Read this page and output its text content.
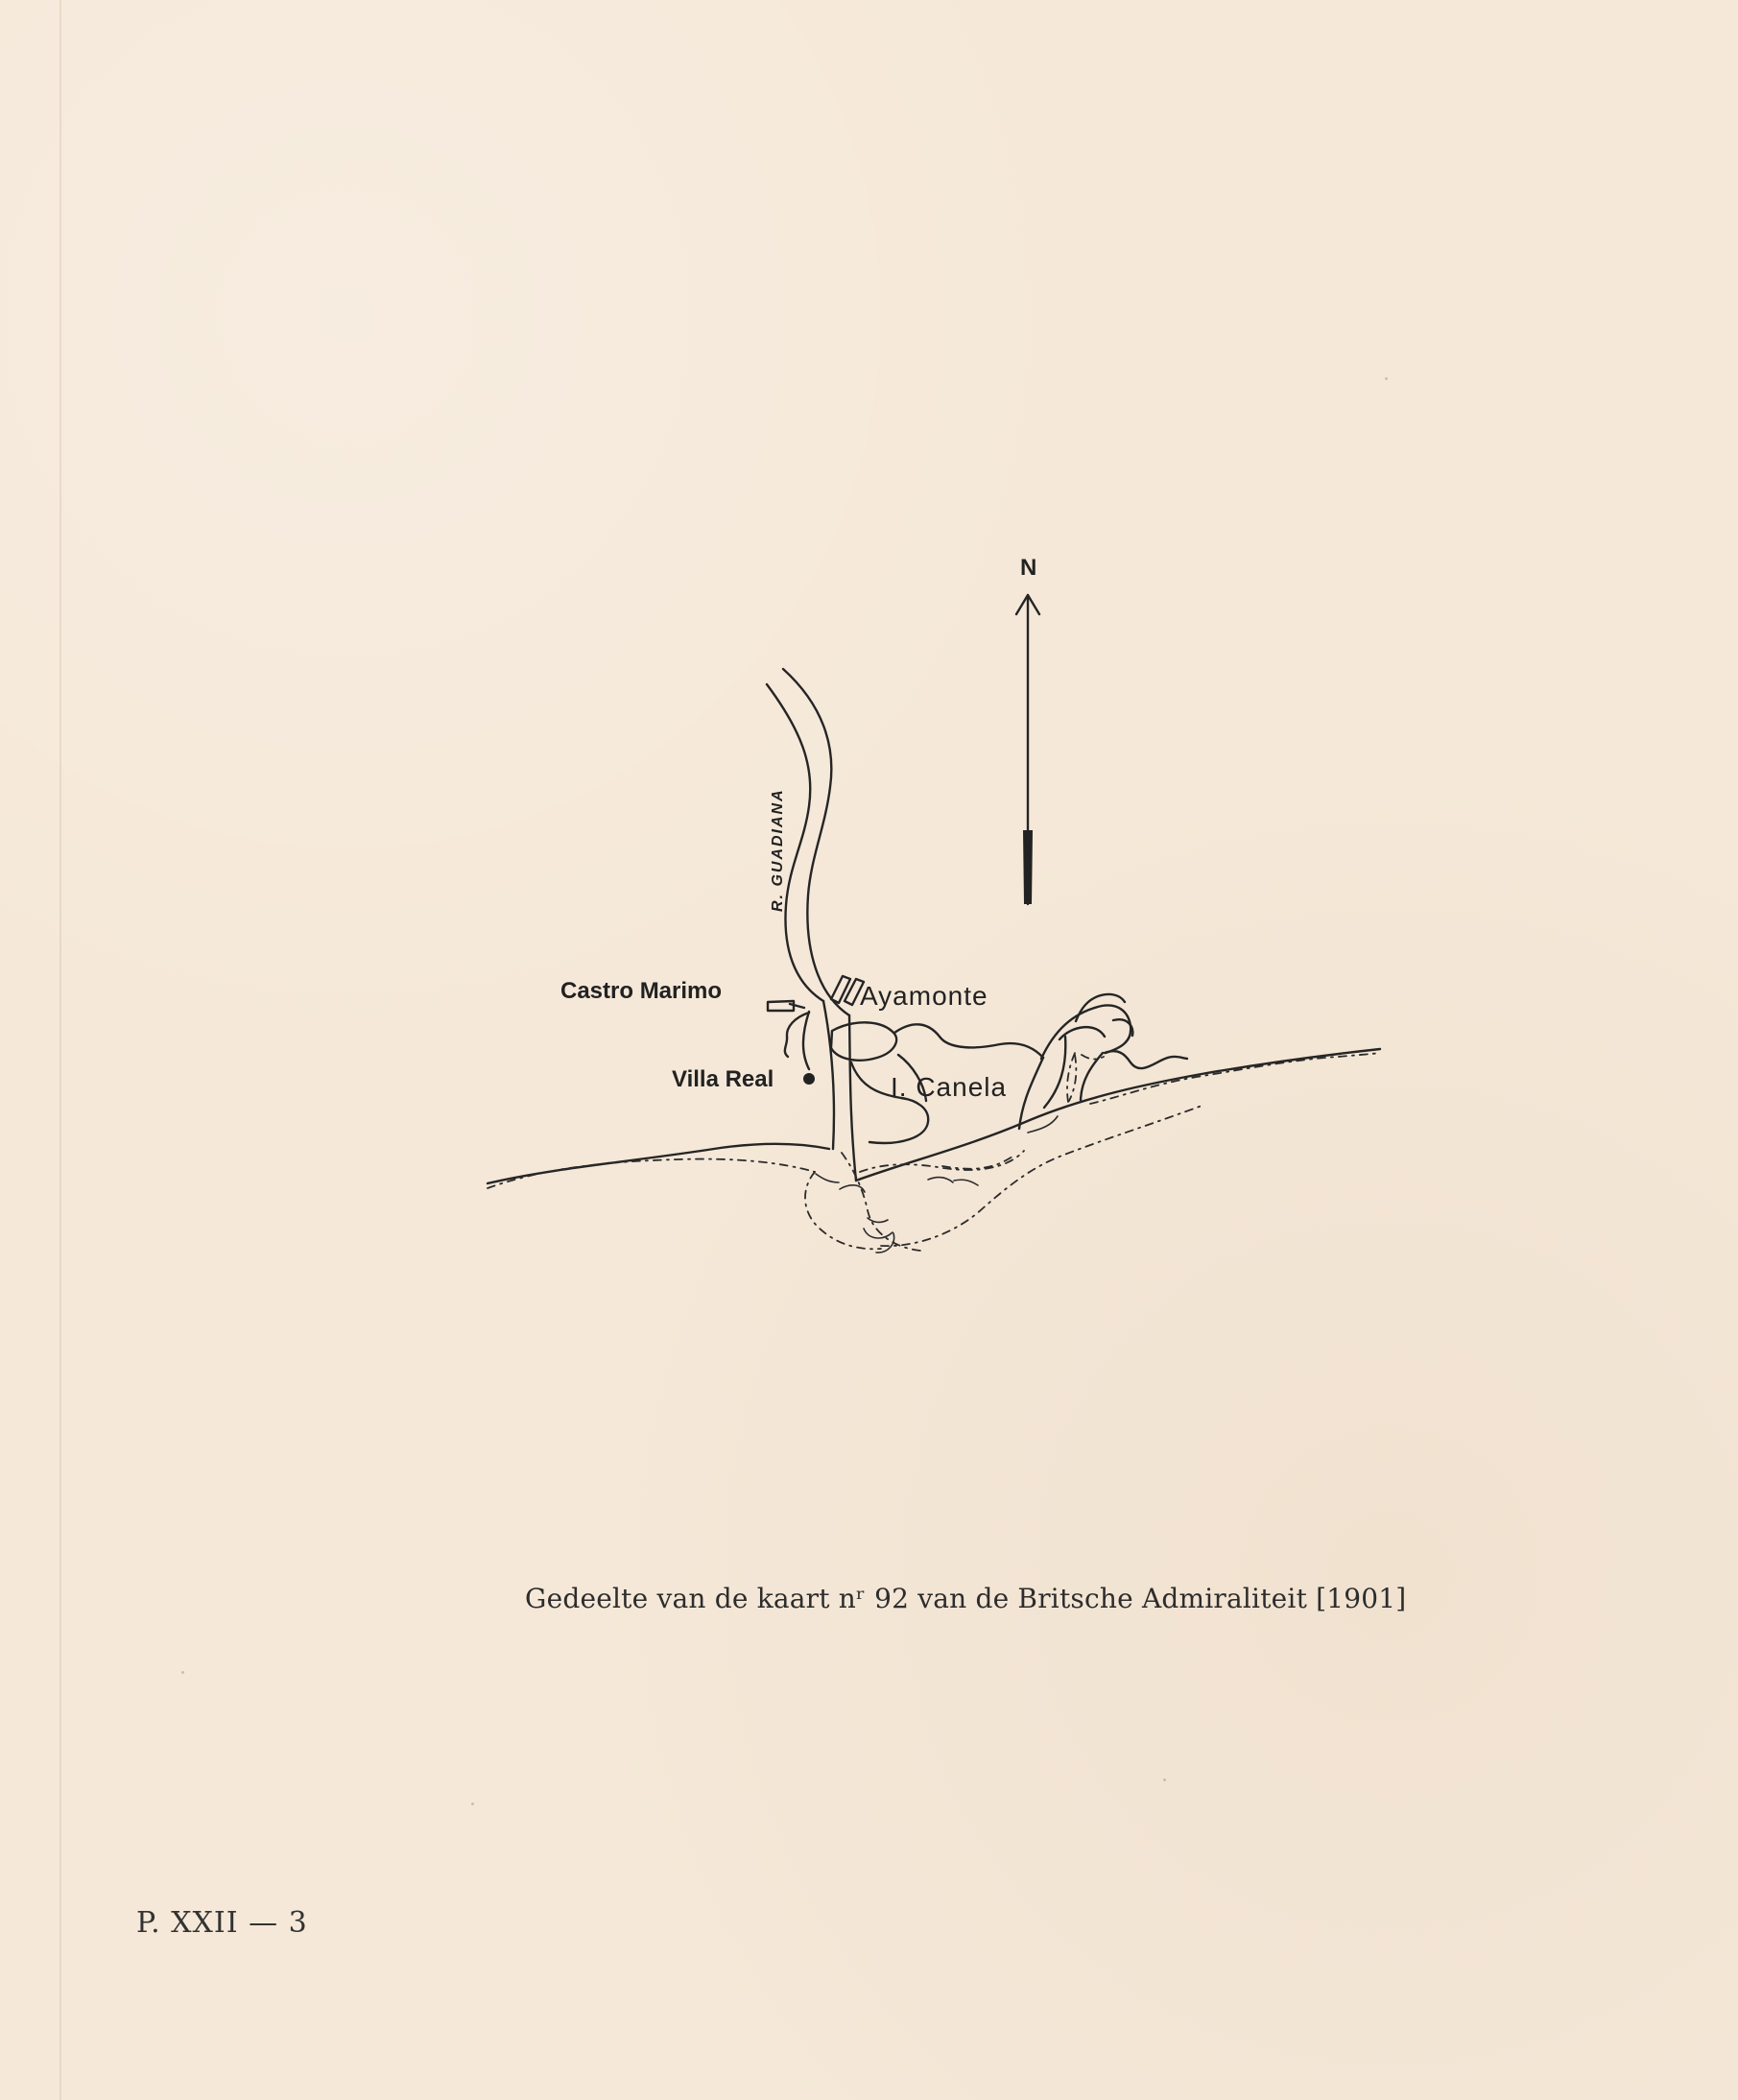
N
R. GUADIANA
Castro Marimo	Ayamonte
Villa Real	I. Canela
Gedeelte van de kaart nʳ 92 van de Britsche Admiraliteit [1901]
P. XXII — 3
